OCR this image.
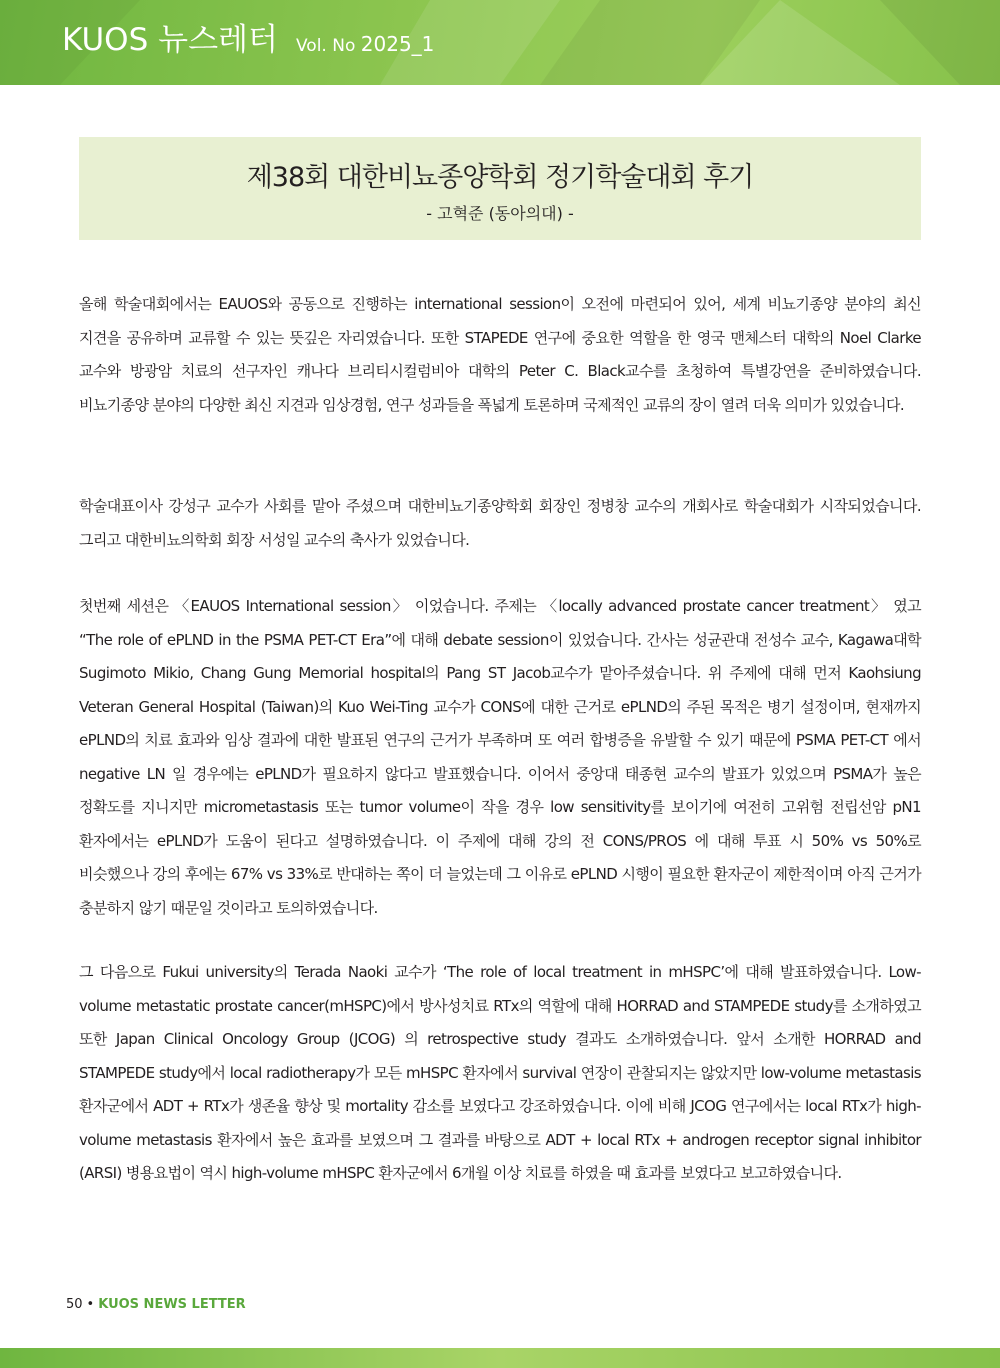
KUOS 뉴스레터 Vol. No 2025_1
제38회 대한비뇨종양학회 정기학술대회 후기
- 고혁준 (동아의대) -

올해 학술대회에서는 EAUOS와 공동으로 진행하는 international session이 오전에 마련되어 있어, 세계 비뇨기종양 분야의 최신 지견을 공유하며 교류할 수 있는 뜻깊은 자리였습니다. 또한 STAPEDE 연구에 중요한 역할을 한 영국 맨체스터 대학의 Noel Clarke 교수와 방광암 치료의 선구자인 캐나다 브리티시컬럼비아 대학의 Peter C. Black교수를 초청하여 특별강연을 준비하였습니다. 비뇨기종양 분야의 다양한 최신 지견과 임상경험, 연구 성과들을 폭넓게 토론하며 국제적인 교류의 장이 열려 더욱 의미가 있었습니다.

학술대표이사 강성구 교수가 사회를 맡아 주셨으며 대한비뇨기종양학회 회장인 정병창 교수의 개회사로 학술대회가 시작되었습니다. 그리고 대한비뇨의학회 회장 서성일 교수의 축사가 있었습니다.

첫번째 세션은 〈EAUOS International session〉 이었습니다. 주제는 〈locally advanced prostate cancer treatment〉 였고 “The role of ePLND in the PSMA PET-CT Era”에 대해 debate session이 있었습니다. 간사는 성균관대 전성수 교수, Kagawa대학 Sugimoto Mikio, Chang Gung Memorial hospital의 Pang ST Jacob교수가 맡아주셨습니다. 위 주제에 대해 먼저 Kaohsiung Veteran General Hospital (Taiwan)의 Kuo Wei-Ting 교수가 CONS에 대한 근거로 ePLND의 주된 목적은 병기 설정이며, 현재까지 ePLND의 치료 효과와 임상 결과에 대한 발표된 연구의 근거가 부족하며 또 여러 합병증을 유발할 수 있기 때문에 PSMA PET-CT 에서 negative LN 일 경우에는 ePLND가 필요하지 않다고 발표했습니다. 이어서 중앙대 태종현 교수의 발표가 있었으며 PSMA가 높은 정확도를 지니지만 micrometastasis 또는 tumor volume이 작을 경우 low sensitivity를 보이기에 여전히 고위험 전립선암 pN1 환자에서는 ePLND가 도움이 된다고 설명하였습니다. 이 주제에 대해 강의 전 CONS/PROS 에 대해 투표 시 50% vs 50%로 비슷했으나 강의 후에는 67% vs 33%로 반대하는 쪽이 더 늘었는데 그 이유로 ePLND 시행이 필요한 환자군이 제한적이며 아직 근거가 충분하지 않기 때문일 것이라고 토의하였습니다.

그 다음으로 Fukui university의 Terada Naoki 교수가 ‘The role of local treatment in mHSPC’에 대해 발표하였습니다. Low-volume metastatic prostate cancer(mHSPC)에서 방사성치료 RTx의 역할에 대해 HORRAD and STAMPEDE study를 소개하였고 또한 Japan Clinical Oncology Group (JCOG) 의 retrospective study 결과도 소개하였습니다. 앞서 소개한 HORRAD and STAMPEDE study에서 local radiotherapy가 모든 mHSPC 환자에서 survival 연장이 관찰되지는 않았지만 low-volume metastasis 환자군에서 ADT + RTx가 생존율 향상 및 mortality 감소를 보였다고 강조하였습니다. 이에 비해 JCOG 연구에서는 local RTx가 high-volume metastasis 환자에서 높은 효과를 보였으며 그 결과를 바탕으로 ADT + local RTx + androgen receptor signal inhibitor (ARSI) 병용요법이 역시 high-volume mHSPC 환자군에서 6개월 이상 치료를 하였을 때 효과를 보였다고 보고하였습니다.

50 • KUOS NEWS LETTER
